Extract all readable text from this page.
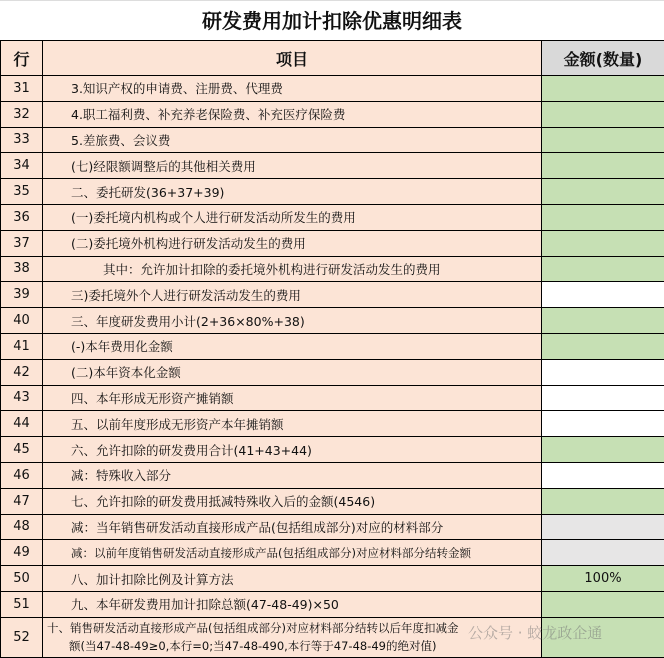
研发费用加计扣除优惠明细表
行	项目	金额(数量)
31	3.知识产权的申请费、注册费、代理费	
32	4.职工福利费、补充养老保险费、补充医疗保险费	
33	5.差旅费、会议费	
34	(七)经限额调整后的其他相关费用	
35	二、委托研发(36+37+39)	
36	(一)委托境内机构或个人进行研发活动所发生的费用	
37	(二)委托境外机构进行研发活动发生的费用	
38	其中：允许加计扣除的委托境外机构进行研发活动发生的费用	
39	三)委托境外个人进行研发活动发生的费用	
40	三、年度研发费用小计(2+36×80%+38)	
41	(-)本年费用化金额	
42	(二)本年资本化金额	
43	四、本年形成无形资产摊销额	
44	五、以前年度形成无形资产本年摊销额	
45	六、允许扣除的研发费用合计(41+43+44)	
46	减：特殊收入部分	
47	七、允许扣除的研发费用抵减特殊收入后的金额(4546)	
48	减：当年销售研发活动直接形成产品(包括组成部分)对应的材料部分	
49	减：以前年度销售研发活动直接形成产品(包括组成部分)对应材料部分结转金额	
50	八、加计扣除比例及计算方法	100%
51	九、本年研发费用加计扣除总额(47-48-49)×50	
52	十、销售研发活动直接形成产品(包括组成部分)对应材料部分结转以后年度扣减金
额(当47-48-49≥0,本行=0;当47-48-490,本行等于47-48-49的绝对值)	

公众号 · 蛟龙政企通
